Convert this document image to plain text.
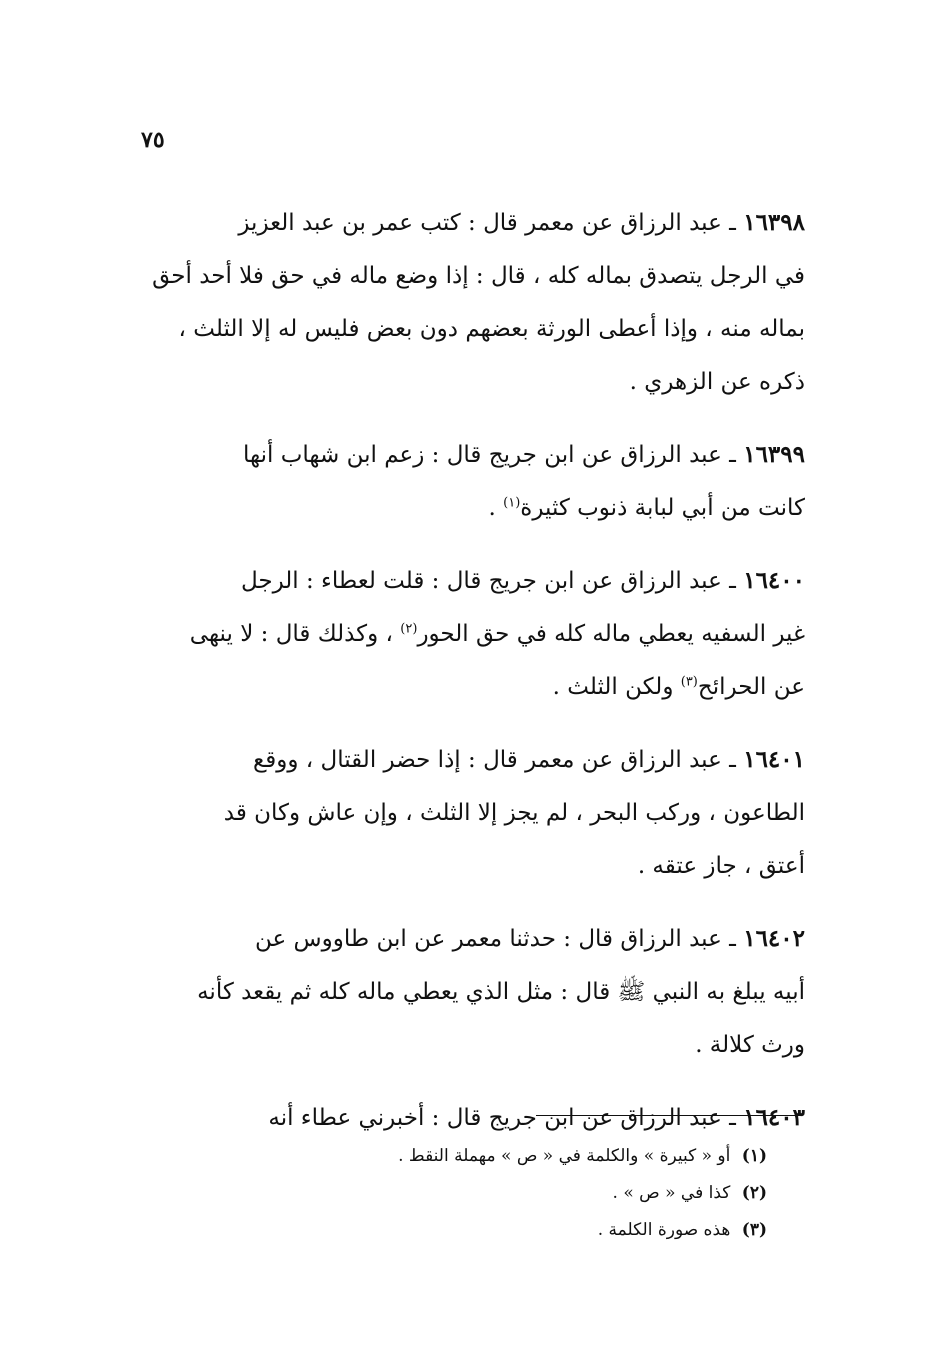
٧٥
١٦٣٩٨ ـ عبد الرزاق عن معمر قال : كتب عمر بن عبد العزيز
في الرجل يتصدق بماله كله ، قال : إذا وضع ماله في حق فلا أحد أحق
بماله منه ، وإذا أعطى الورثة بعضهم دون بعض فليس له إلا الثلث ،
ذكره عن الزهري .
١٦٣٩٩ ـ عبد الرزاق عن ابن جريج قال : زعم ابن شهاب أنها
كانت من أبي لبابة ذنوب كثيرة$^{(١)}$ .
١٦٤٠٠ ـ عبد الرزاق عن ابن جريج قال : قلت لعطاء : الرجل
غير السفيه يعطي ماله كله في حق الحور$^{(٢)}$ ، وكذلك قال : لا ينهى
عن الحرائح$^{(٣)}$ ولكن الثلث .
١٦٤٠١ ـ عبد الرزاق عن معمر قال : إذا حضر القتال ، ووقع
الطاعون ، وركب البحر ، لم يجز إلا الثلث ، وإن عاش وكان قد
أعتق ، جاز عتقه .
١٦٤٠٢ ـ عبد الرزاق قال : حدثنا معمر عن ابن طاووس عن
أبيه يبلغ به النبي ﷺ قال : مثل الذي يعطي ماله كله ثم يقعد كأنه
ورث كلالة .
١٦٤٠٣ ـ عبد الرزاق عن ابن جريج قال : أخبرني عطاء أنه
(١) أو « كبيرة » والكلمة في « ص » مهملة النقط .
(٢) كذا في « ص » .
(٣) هذه صورة الكلمة .
